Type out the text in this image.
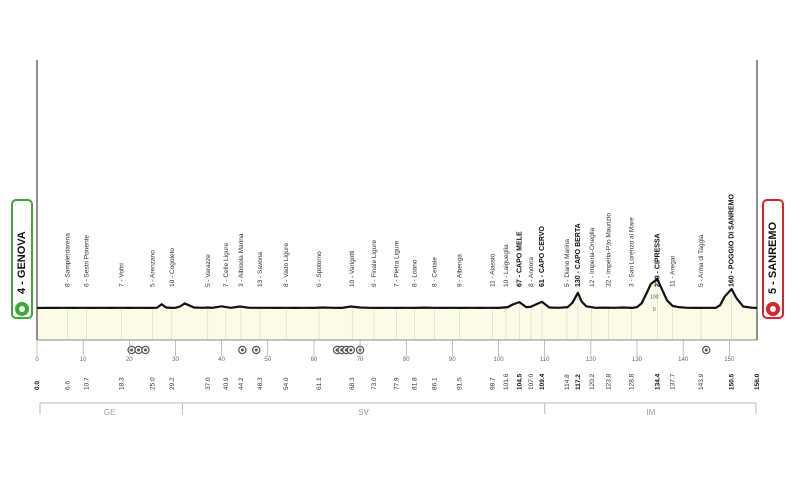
GE	SV	IM
0
100
0	10	20	30	40	50	60	70	80	90	100	110	120	130	140	150
8 - Sampierdarena 6 - Sestri Ponente	7 - Voltri	5 - Arenzano 10 - Cogoleto	5 - Varazze 7 - Celle Ligure 3 - Albisola Marina 13 - Savona	8 - Vado Ligure	6 - Spotorno	10 - Varigotti 9 - Finale Ligure 7 - Pietra Ligure 8 - Loano 8 - Ceriale	9 - Albenga	11 - Alassio 10 - Laigueglia 67 - CAPO MELE 8 - Andora 61 - CAPO CERVO	5 - Diano Marina 130 - CAPO BERTA 12 - Imperia-Oneglia 32 - Imperia-P.to Maurizio 3 - San Lorenzo al Mare	239 - CIPRESSA 11 - Aregai	5 - Arma di Taggia	160 - POGGIO DI SANREMO
0.0	6.6 10.7	18.3	25.0 29.2	37.0 40.9 44.2 48.3	54.0	61.1	68.3 73.0 77.9 81.8 86.1	91.5	98.7 101.6 104.5 107.0 109.4	114.8 117.2 120.2 123.8 128.8	134.4 137.7	143.9	150.5	156.0
4 - GENOVA	5 - SANREMO
